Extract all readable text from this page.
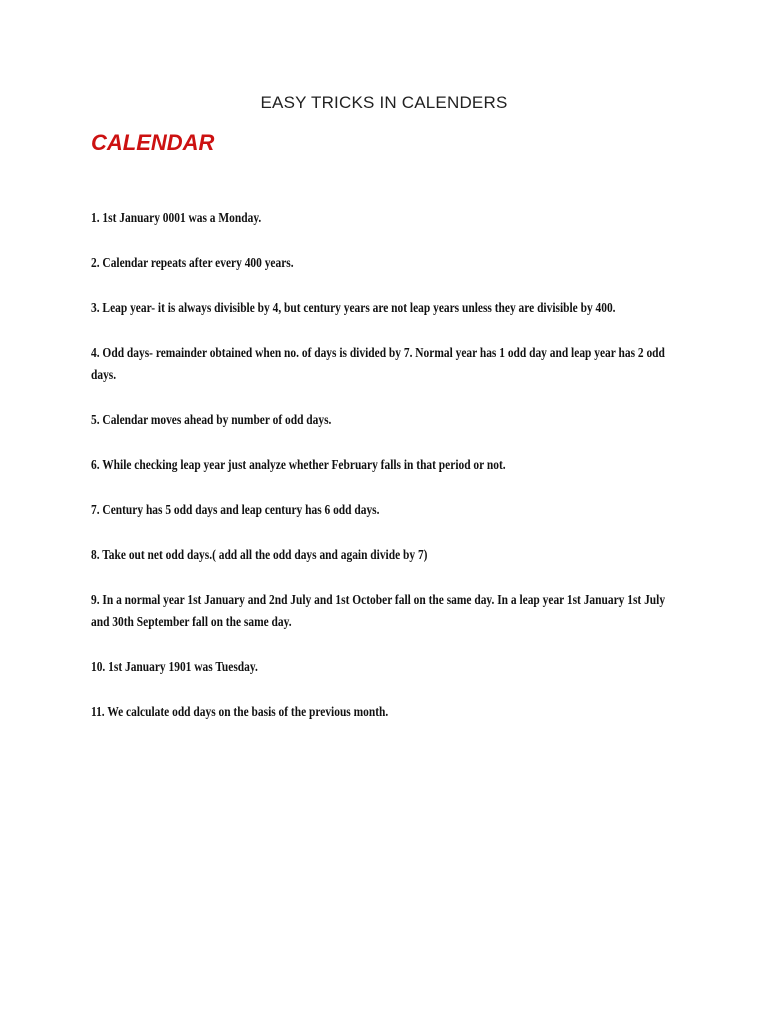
EASY TRICKS IN CALENDERS
CALENDAR
1. 1st January 0001 was a Monday.
2. Calendar repeats after every 400 years.
3. Leap year- it is always divisible by 4, but century years are not leap years unless they are divisible by 400.
4. Odd days- remainder obtained when no. of days is divided by 7. Normal year has 1 odd day and leap year has 2 odd days.
5. Calendar moves ahead by number of odd days.
6. While checking leap year just analyze whether February falls in that period or not.
7. Century has 5 odd days and leap century has 6 odd days.
8. Take out net odd days.( add all the odd days and again divide by 7)
9. In a normal year 1st January and 2nd July and 1st October fall on the same day. In a leap year 1st January 1st July and 30th September fall on the same day.
10. 1st January 1901 was Tuesday.
11. We calculate odd days on the basis of the previous month.
